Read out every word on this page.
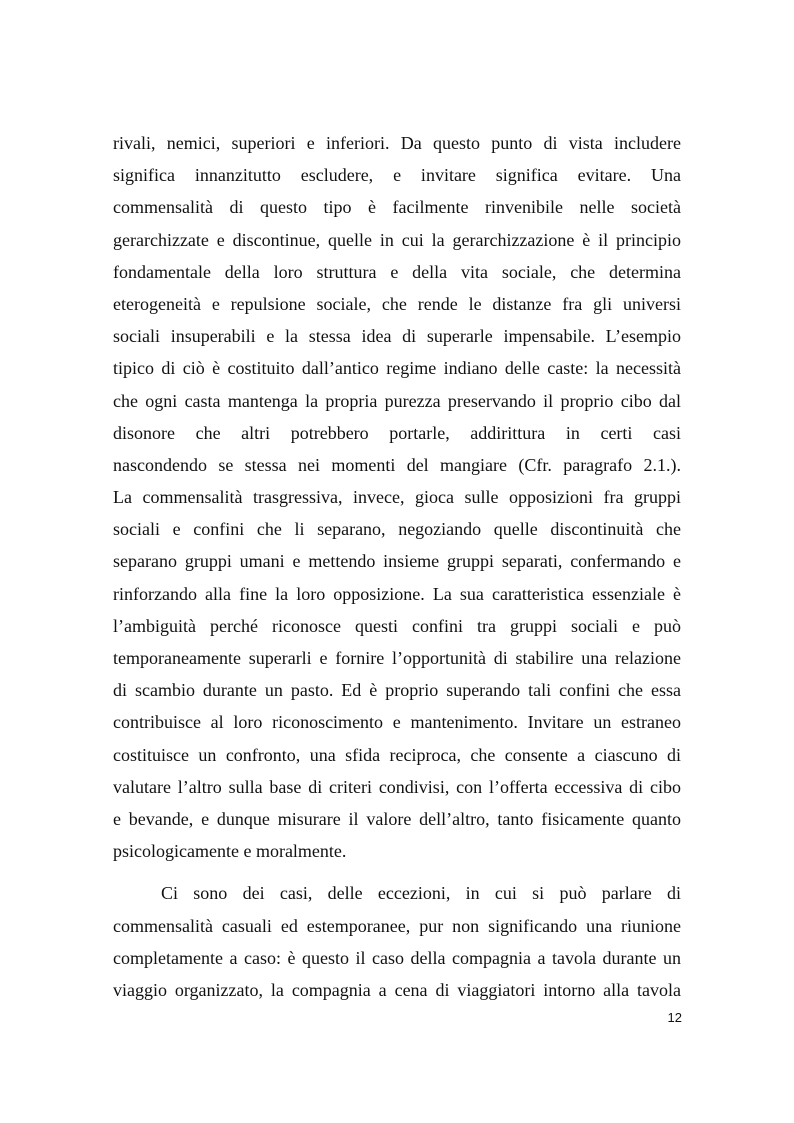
rivali, nemici, superiori e inferiori. Da questo punto di vista includere
significa innanzitutto escludere, e invitare significa evitare. Una
commensalità di questo tipo è facilmente rinvenibile nelle società
gerarchizzate e discontinue, quelle in cui la gerarchizzazione è il principio
fondamentale della loro struttura e della vita sociale, che determina
eterogeneità e repulsione sociale, che rende le distanze fra gli universi
sociali insuperabili e la stessa idea di superarle impensabile. L’esempio
tipico di ciò è costituito dall’antico regime indiano delle caste: la necessità
che ogni casta mantenga la propria purezza preservando il proprio cibo dal
disonore che altri potrebbero portarle, addirittura in certi casi
nascondendo se stessa nei momenti del mangiare (Cfr. paragrafo 2.1.).
La commensalità trasgressiva, invece, gioca sulle opposizioni fra gruppi
sociali e confini che li separano, negoziando quelle discontinuità che
separano gruppi umani e mettendo insieme gruppi separati, confermando e
rinforzando alla fine la loro opposizione. La sua caratteristica essenziale è
l’ambiguità perché riconosce questi confini tra gruppi sociali e può
temporaneamente superarli e fornire l’opportunità di stabilire una relazione
di scambio durante un pasto. Ed è proprio superando tali confini che essa
contribuisce al loro riconoscimento e mantenimento. Invitare un estraneo
costituisce un confronto, una sfida reciproca, che consente a ciascuno di
valutare l’altro sulla base di criteri condivisi, con l’offerta eccessiva di cibo
e bevande, e dunque misurare il valore dell’altro, tanto fisicamente quanto
psicologicamente e moralmente.
Ci sono dei casi, delle eccezioni, in cui si può parlare di
commensalità casuali ed estemporanee, pur non significando una riunione
completamente a caso: è questo il caso della compagnia a tavola durante un
viaggio organizzato, la compagnia a cena di viaggiatori intorno alla tavola
12
